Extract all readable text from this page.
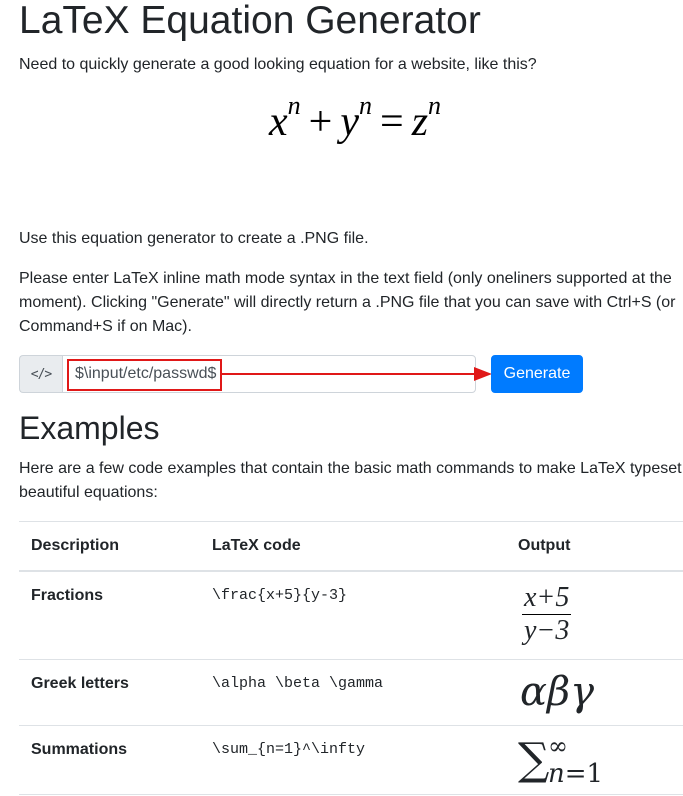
LaTeX Equation Generator

Need to quickly generate a good looking equation for a website, like this?

$x^n + y^n = z^n$

Use this equation generator to create a .PNG file.

Please enter LaTeX inline math mode syntax in the text field (only oneliners supported at the moment). Clicking "Generate" will directly return a .PNG file that you can save with Ctrl+S (or Command+S if on Mac).

</>
$\input/etc/passwd$	Generate
Examples

Here are a few code examples that contain the basic math commands to make LaTeX typeset beautiful equations:

Description	LaTeX code	Output
Fractions	\frac{x+5}{y-3}	$\frac{x+5}{y-3}$

Greek letters	\alpha \beta \gamma	αβγ
Summations	\sum_{n=1}^\infty	∑
∞
n=1
